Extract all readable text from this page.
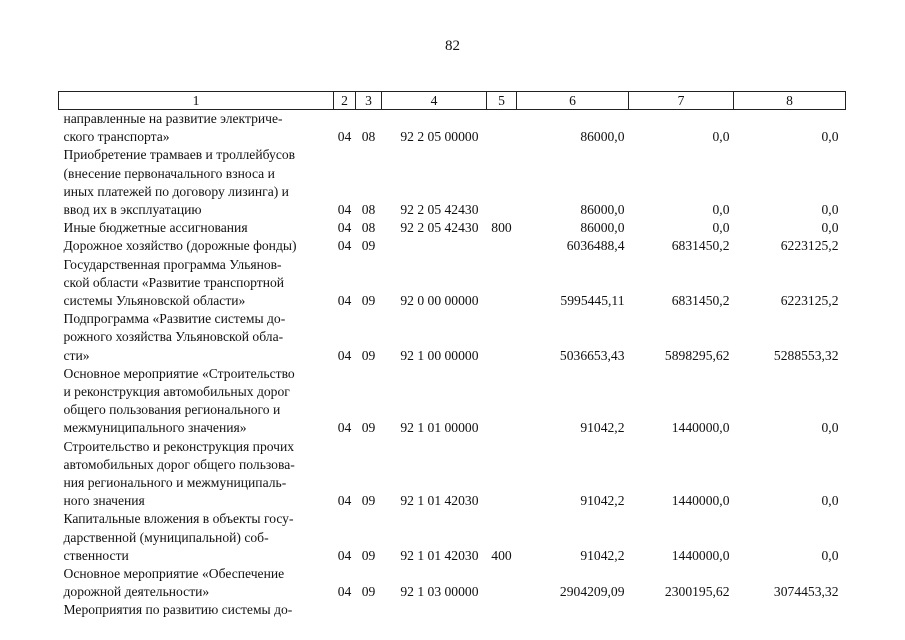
82
1	2	3	4	5	6	7	8

направленные на развитие электриче-
ского транспорта»	04	08	92 2 05 00000		86000,0	0,0	0,0

Приобретение трамваев и троллейбусов
(внесение первоначального взноса и
иных платежей по договору лизинга) и
ввод их в эксплуатацию	04	08	92 2 05 42430		86000,0	0,0	0,0

Иные бюджетные ассигнования	04	08	92 2 05 42430	800	86000,0	0,0	0,0

Дорожное хозяйство (дорожные фонды)	04	09			6036488,4	6831450,2	6223125,2

Государственная программа Ульянов-
ской области «Развитие транспортной
системы Ульяновской области»	04	09	92 0 00 00000		5995445,11	6831450,2	6223125,2

Подпрограмма «Развитие системы до-
рожного хозяйства Ульяновской обла-
сти»	04	09	92 1 00 00000		5036653,43	5898295,62	5288553,32

Основное мероприятие «Строительство
и реконструкция автомобильных дорог
общего пользования регионального и
межмуниципального значения»	04	09	92 1 01 00000		91042,2	1440000,0	0,0

Строительство и реконструкция прочих
автомобильных дорог общего пользова-
ния регионального и межмуниципаль-
ного значения	04	09	92 1 01 42030		91042,2	1440000,0	0,0

Капитальные вложения в объекты госу-
дарственной (муниципальной) соб-
ственности	04	09	92 1 01 42030	400	91042,2	1440000,0	0,0

Основное мероприятие «Обеспечение
дорожной деятельности»	04	09	92 1 03 00000		2904209,09	2300195,62	3074453,32

Мероприятия по развитию системы до-							
